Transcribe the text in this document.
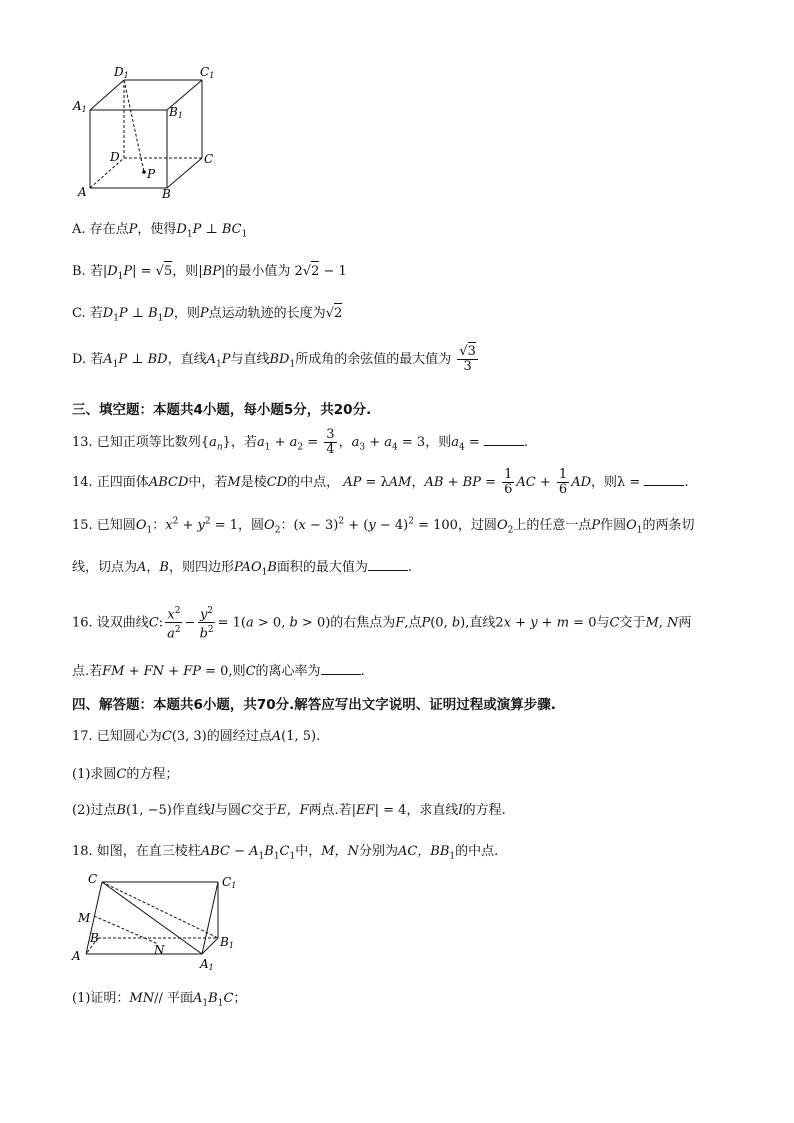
D1	C1
A1	B1
D	C
A	B
P
A. 存在点P，使得$D_1P$ ⊥ $BC_1$
B. 若$|D_1P| = √5$，则|BP|的最小值为 2√2 − 1
C. 若$D_1P$ ⊥ $B_1D$，则P点运动轨迹的长度为√2
D. 若$A_1P$ ⊥ BD，直线$A_1P$与直线$BD_1$所成角的余弦值的最大值为 $\frac{√3}{3}$
三、填空题：本题共4小题，每小题5分，共20分.
13. 已知正项等比数列$\{a_n\}$，若$a_1 + a_2 = \frac{3}{4}$ ，$a_3 + a_4 = 3$，则$a_4$ =	.
14. 正四面体ABCD中，若M是棱CD的中点， AP = λAM，AB + BP = $\frac{1}{6}$ AC + $\frac{1}{6}$ AD，则λ =	.
15. 已知圆$O_1$：$x^2 + y^2 = 1$，圆$O_2$：$(x - 3)^2 + (y - 4)^2 = 100$，过圆$O_2$上的任意一点P作圆$O_1$的两条切
线，切点为A，B，则四边形$PAO_1B$面积的最大值为	.
16. 设双曲线C: $\frac{x^2}{a^2} - \frac{y^2}{b^2} = 1(a > 0$, b > 0)的右焦点为F,点P(0, b),直线2x + y + m = 0与C交于M, N两
点.若FM + FN + FP = 0,则C的离心率为	.
四、解答题：本题共6小题，共70分.解答应写出文字说明、证明过程或演算步骤.
17. 已知圆心为C(3, 3)的圆经过点A(1, 5).
(1)求圆C的方程；
(2)过点B(1, −5)作直线l与圆C交于E，F两点.若|EF| = 4，求直线l的方程.
18. 如图，在直三棱柱ABC − $A_1B_1C_1$中，M，N分别为AC，$BB_1$的中点.
C	C1
M
B	B1
N
A
A1
(1)证明：MN// 平面$A_1B_1C$；
